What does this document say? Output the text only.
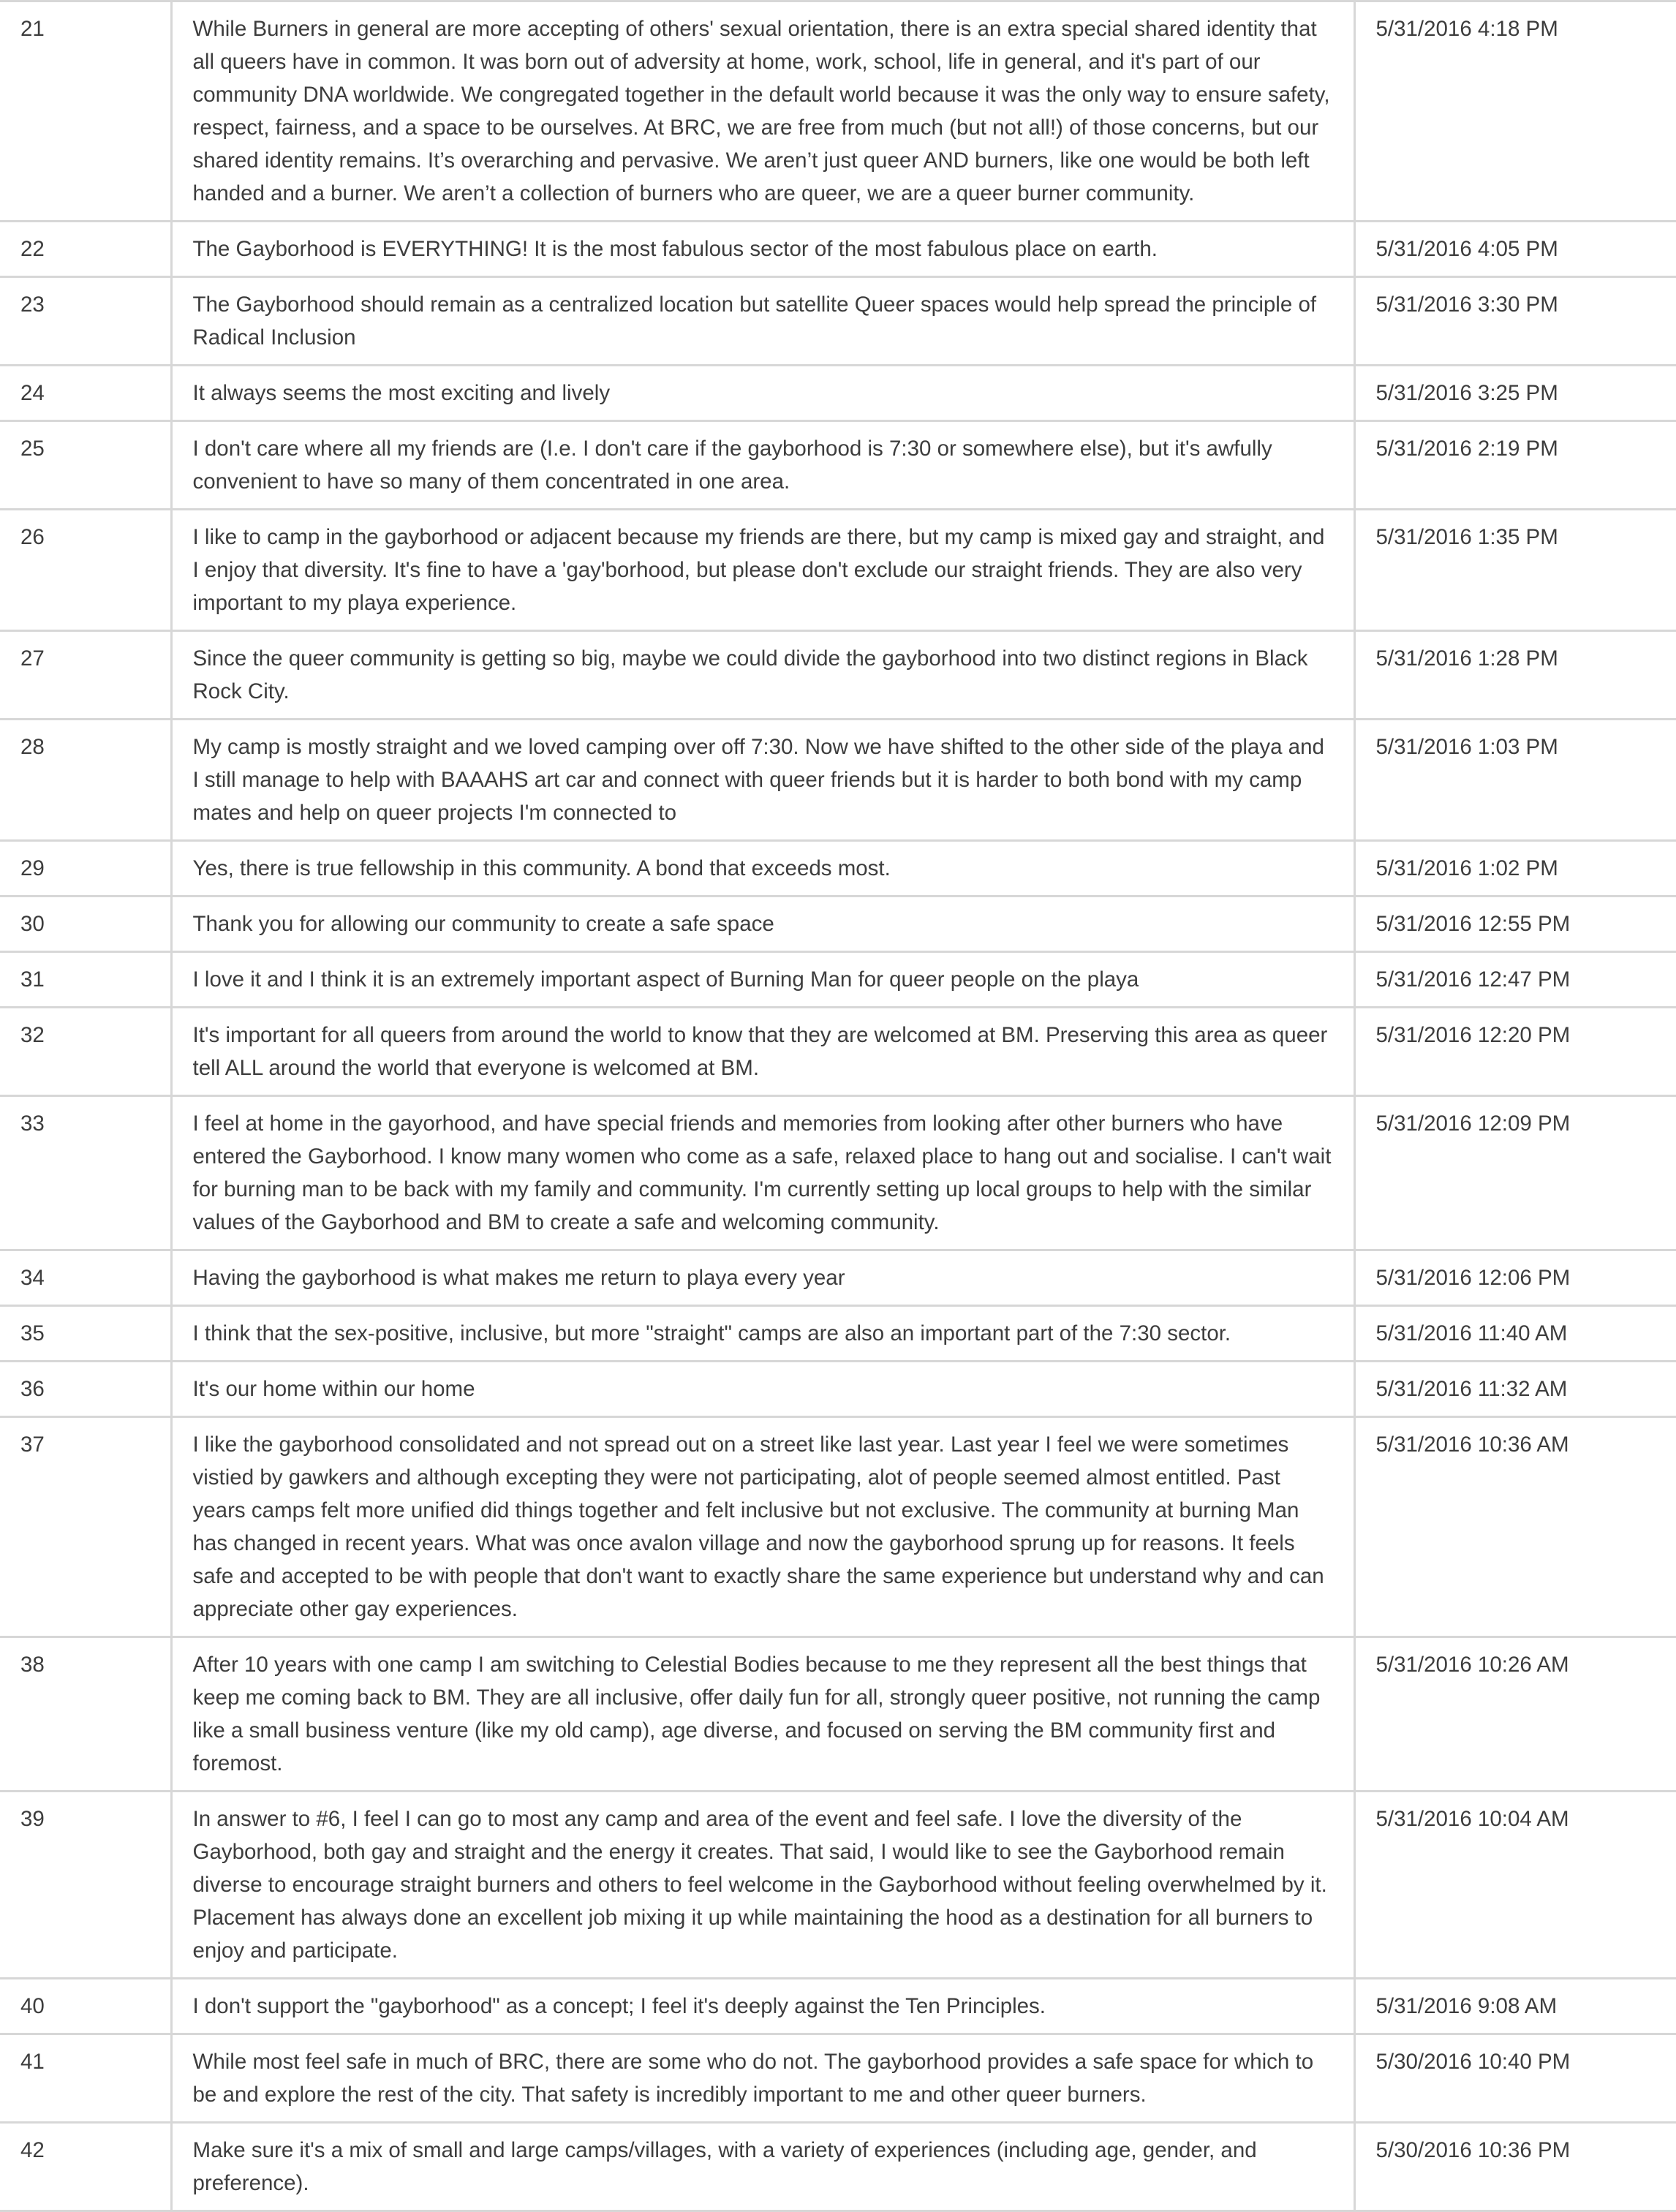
21	While Burners in general are more accepting of others' sexual orientation, there is an extra special shared identity that all queers have in common. It was born out of adversity at home, work, school, life in general, and it's part of our community DNA worldwide. We congregated together in the default world because it was the only way to ensure safety, respect, fairness, and a space to be ourselves. At BRC, we are free from much (but not all!) of those concerns, but our shared identity remains. It’s overarching and pervasive. We aren’t just queer AND burners, like one would be both left handed and a burner. We aren’t a collection of burners who are queer, we are a queer burner community.	5/31/2016 4:18 PM
22	The Gayborhood is EVERYTHING! It is the most fabulous sector of the most fabulous place on earth.	5/31/2016 4:05 PM
23	The Gayborhood should remain as a centralized location but satellite Queer spaces would help spread the principle of Radical Inclusion	5/31/2016 3:30 PM
24	It always seems the most exciting and lively	5/31/2016 3:25 PM
25	I don't care where all my friends are (I.e. I don't care if the gayborhood is 7:30 or somewhere else), but it's awfully convenient to have so many of them concentrated in one area.	5/31/2016 2:19 PM
26	I like to camp in the gayborhood or adjacent because my friends are there, but my camp is mixed gay and straight, and I enjoy that diversity. It's fine to have a 'gay'borhood, but please don't exclude our straight friends. They are also very important to my playa experience.	5/31/2016 1:35 PM
27	Since the queer community is getting so big, maybe we could divide the gayborhood into two distinct regions in Black Rock City.	5/31/2016 1:28 PM
28	My camp is mostly straight and we loved camping over off 7:30. Now we have shifted to the other side of the playa and I still manage to help with BAAAHS art car and connect with queer friends but it is harder to both bond with my camp mates and help on queer projects I'm connected to	5/31/2016 1:03 PM
29	Yes, there is true fellowship in this community. A bond that exceeds most.	5/31/2016 1:02 PM
30	Thank you for allowing our community to create a safe space	5/31/2016 12:55 PM
31	I love it and I think it is an extremely important aspect of Burning Man for queer people on the playa	5/31/2016 12:47 PM
32	It's important for all queers from around the world to know that they are welcomed at BM. Preserving this area as queer tell ALL around the world that everyone is welcomed at BM.	5/31/2016 12:20 PM
33	I feel at home in the gayorhood, and have special friends and memories from looking after other burners who have entered the Gayborhood. I know many women who come as a safe, relaxed place to hang out and socialise. I can't wait for burning man to be back with my family and community. I'm currently setting up local groups to help with the similar values of the Gayborhood and BM to create a safe and welcoming community.	5/31/2016 12:09 PM
34	Having the gayborhood is what makes me return to playa every year	5/31/2016 12:06 PM
35	I think that the sex-positive, inclusive, but more "straight" camps are also an important part of the 7:30 sector.	5/31/2016 11:40 AM
36	It's our home within our home	5/31/2016 11:32 AM
37	I like the gayborhood consolidated and not spread out on a street like last year. Last year I feel we were sometimes vistied by gawkers and although excepting they were not participating, alot of people seemed almost entitled. Past years camps felt more unified did things together and felt inclusive but not exclusive. The community at burning Man has changed in recent years. What was once avalon village and now the gayborhood sprung up for reasons. It feels safe and accepted to be with people that don't want to exactly share the same experience but understand why and can appreciate other gay experiences.	5/31/2016 10:36 AM
38	After 10 years with one camp I am switching to Celestial Bodies because to me they represent all the best things that keep me coming back to BM. They are all inclusive, offer daily fun for all, strongly queer positive, not running the camp like a small business venture (like my old camp), age diverse, and focused on serving the BM community first and foremost.	5/31/2016 10:26 AM
39	In answer to #6, I feel I can go to most any camp and area of the event and feel safe. I love the diversity of the Gayborhood, both gay and straight and the energy it creates. That said, I would like to see the Gayborhood remain diverse to encourage straight burners and others to feel welcome in the Gayborhood without feeling overwhelmed by it. Placement has always done an excellent job mixing it up while maintaining the hood as a destination for all burners to enjoy and participate.	5/31/2016 10:04 AM
40	I don't support the "gayborhood" as a concept; I feel it's deeply against the Ten Principles.	5/31/2016 9:08 AM
41	While most feel safe in much of BRC, there are some who do not. The gayborhood provides a safe space for which to be and explore the rest of the city. That safety is incredibly important to me and other queer burners.	5/30/2016 10:40 PM
42	Make sure it's a mix of small and large camps/villages, with a variety of experiences (including age, gender, and preference).	5/30/2016 10:36 PM
